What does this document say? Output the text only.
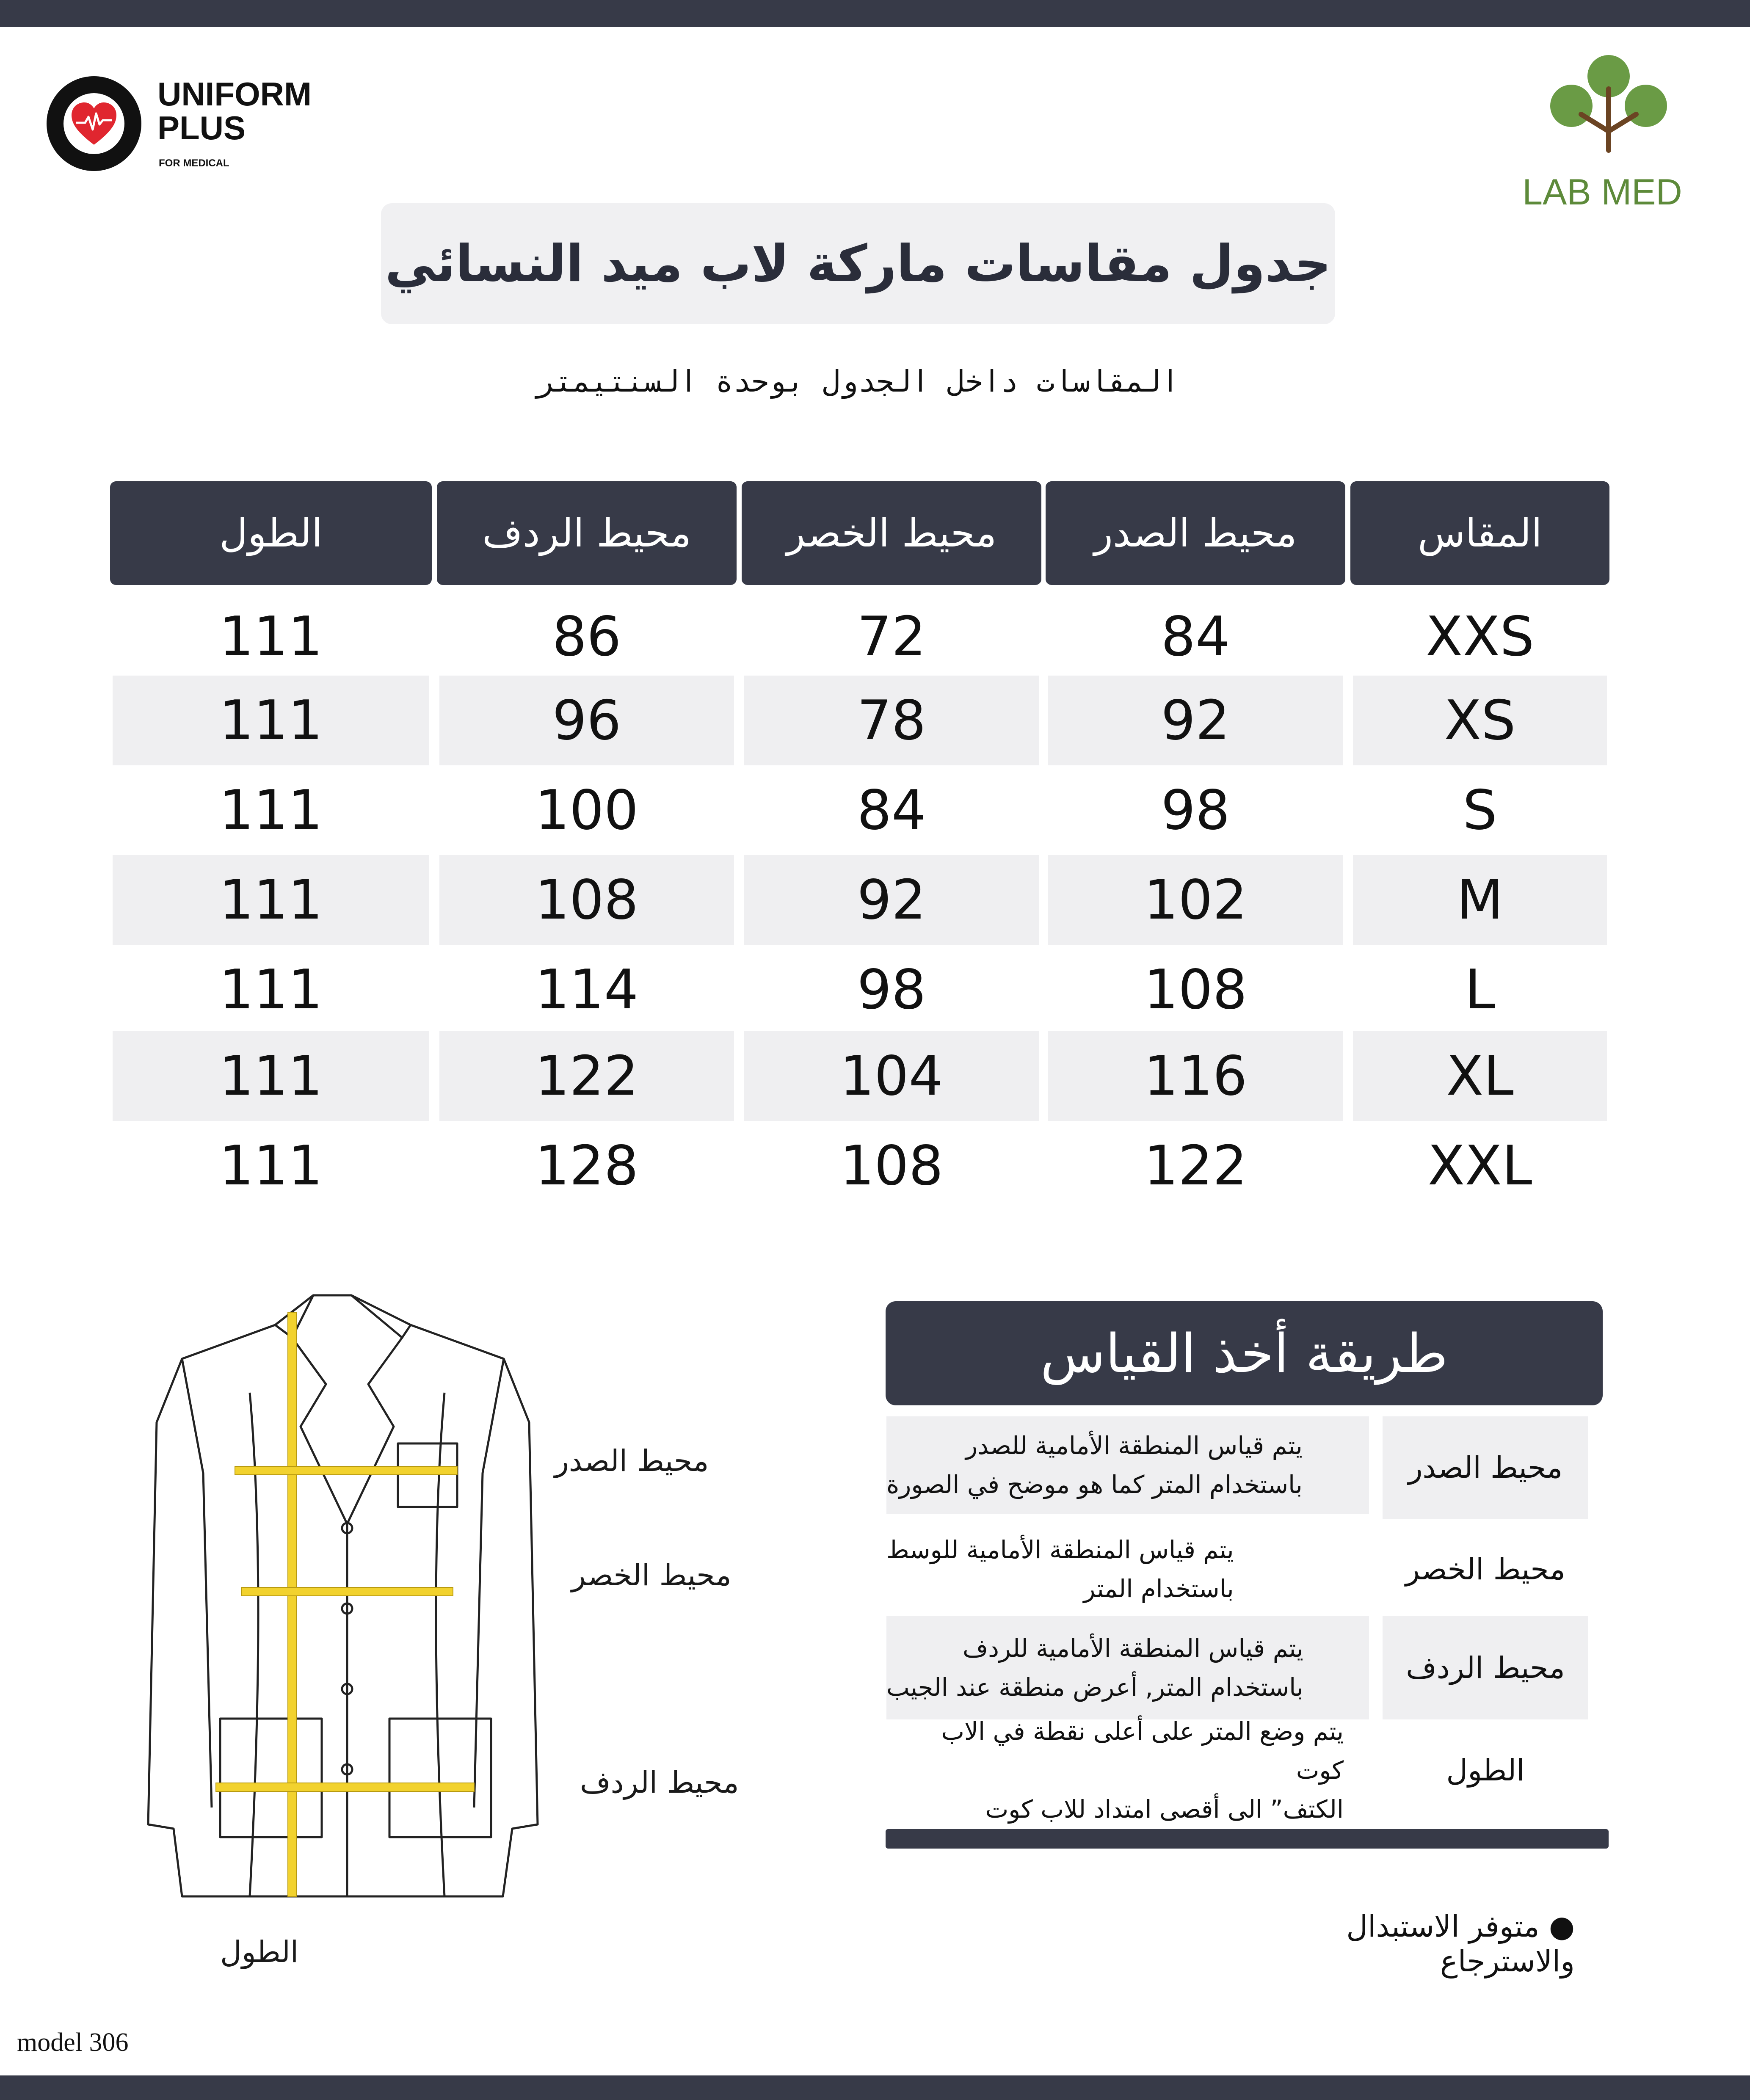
UNIFORM
PLUS
FOR MEDICAL
LAB MED
جدول مقاسات ماركة لاب ميد النسائي
المقاسات داخل الجدول بوحدة السنتيمتر
المقاس
محيط الصدر
محيط الخصر
محيط الردف
الطول
XXS
84
72
86
111
XS
92
78
96
111
S
98
84
100
111
M
102
92
108
111
L
108
98
114
111
XL
116
104
122
111
XXL
122
108
128
111
محيط الصدر
محيط الخصر
محيط الردف
الطول
طريقة أخذ القياس
محيط الصدر
يتم قياس المنطقة الأمامية للصدر
باستخدام المتر كما هو موضح في الصورة
محيط الخصر
يتم قياس المنطقة الأمامية للوسط
باستخدام المتر
محيط الردف
يتم قياس المنطقة الأمامية للردف
باستخدام المتر, أعرض منطقة عند الجيب
الطول
يتم وضع المتر على أعلى نقطة في الاب كوت
الكتف” الى أقصى امتداد للاب كوت
● متوفر الاستبدال والاسترجاع
model 306
